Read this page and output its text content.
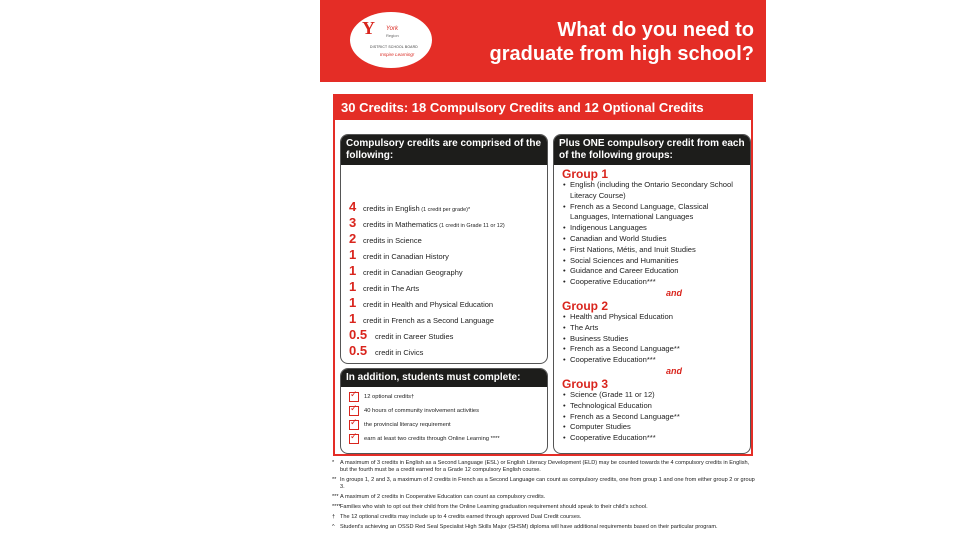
Y York
Region
DISTRICT SCHOOL BOARD
Inspire Learning!
What do you need to graduate from high school?
30 Credits: 18 Compulsory Credits and 12 Optional Credits
Compulsory credits are comprised of the following:
4 credits in English (1 credit per grade)*
3 credits in Mathematics (1 credit in Grade 11 or 12)
2 credits in Science
1 credit in Canadian History
1 credit in Canadian Geography
1 credit in The Arts
1 credit in Health and Physical Education
1 credit in French as a Second Language
0.5	credit in Career Studies
0.5	credit in Civics
In addition, students must complete:
✓
12 optional credits†
✓
40 hours of community involvement activities
✓
the provincial literacy requirement
✓
earn at least two credits through Online Learning ****
Plus ONE compulsory credit from each of the following groups:
Group 1
• English (including the Ontario Secondary School Literacy Course)
• French as a Second Language, Classical Languages, International Languages
• Indigenous Languages
• Canadian and World Studies
• First Nations, Métis, and Inuit Studies
• Social Sciences and Humanities
• Guidance and Career Education
• Cooperative Education***
and
Group 2
• Health and Physical Education
• The Arts
• Business Studies
• French as a Second Language**
• Cooperative Education***
and
Group 3
• Science (Grade 11 or 12)
• Technological Education
• French as a Second Language**
• Computer Studies
• Cooperative Education***
*	A maximum of 3 credits in English as a Second Language (ESL) or English Literacy Development (ELD) may be counted towards the 4 compulsory credits in English, but the fourth must be a credit earned for a Grade 12 compulsory English course.
** In groups 1, 2 and 3, a maximum of 2 credits in French as a Second Language can count as compulsory credits, one from group 1 and one from either group 2 or group 3.
*** A maximum of 2 credits in Cooperative Education can count as compulsory credits.
**** Families who wish to opt out their child from the Online Learning graduation requirement should speak to their child's school.
† The 12 optional credits may include up to 4 credits earned through approved Dual Credit courses.
^ Student's achieving an OSSD Red Seal Specialist High Skills Major (SHSM) diploma will have additional requirements based on their particular program.
